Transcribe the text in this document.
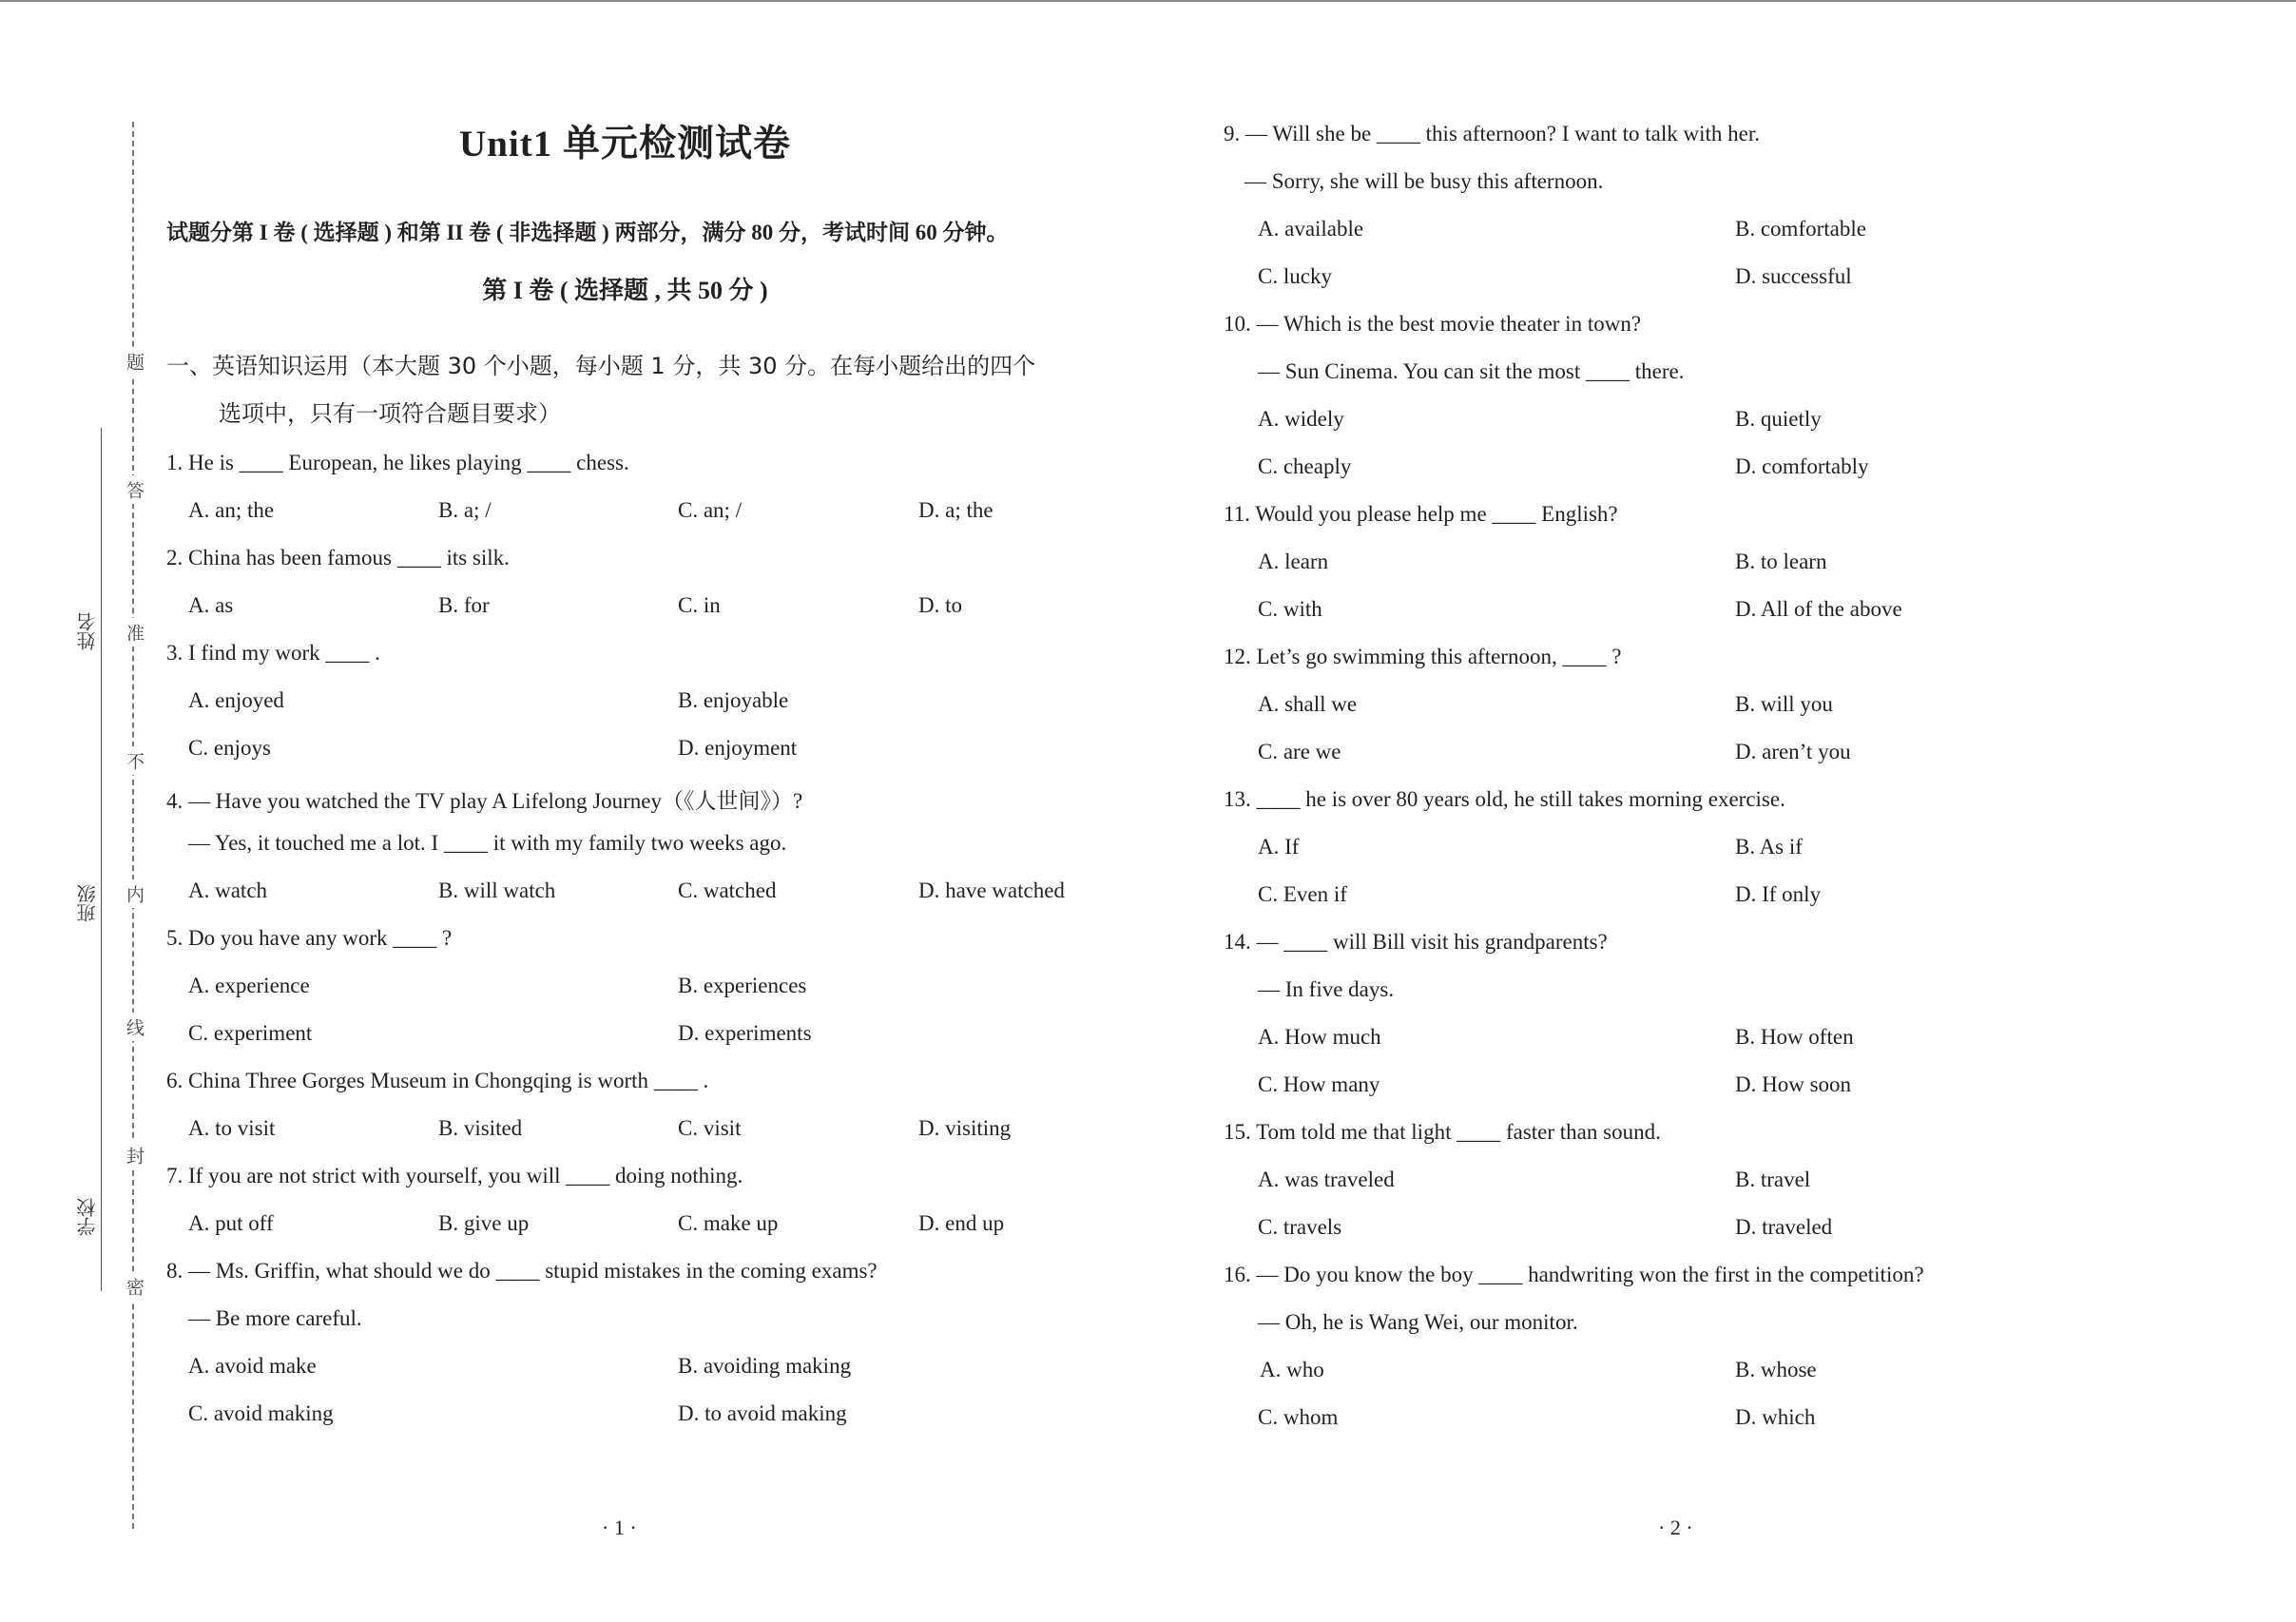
题
答
准
不
内
线
封
密
姓名
班级
学校
Unit1 单元检测试卷
试题分第 I 卷 ( 选择题 ) 和第 II 卷 ( 非选择题 ) 两部分，满分 80 分，考试时间 60 分钟。
第 I 卷 ( 选择题 , 共 50 分 )
一、英语知识运用（本大题 30 个小题，每小题 1 分，共 30 分。在每小题给出的四个
选项中，只有一项符合题目要求）
1. He is ____ European, he likes playing ____ chess.
A. an; the	B. a; /	C. an; /	D. a; the
2. China has been famous ____ its silk.
A. as	B. for	C. in	D. to
3. I find my work ____ .
A. enjoyed	B. enjoyable
C. enjoys	D. enjoyment
4. — Have you watched the TV play A Lifelong Journey（《人世间》）?
— Yes, it touched me a lot. I ____ it with my family two weeks ago.
A. watch	B. will watch	C. watched	D. have watched
5. Do you have any work ____ ?
A. experience	B. experiences
C. experiment	D. experiments
6. China Three Gorges Museum in Chongqing is worth ____ .
A. to visit	B. visited	C. visit	D. visiting
7. If you are not strict with yourself, you will ____ doing nothing.
A. put off	B. give up	C. make up	D. end up
8. — Ms. Griffin, what should we do ____ stupid mistakes in the coming exams?
— Be more careful.
A. avoid make	B. avoiding making
C. avoid making	D. to avoid making
· 1 ·
9. — Will she be ____ this afternoon? I want to talk with her.
— Sorry, she will be busy this afternoon.
A. available	B. comfortable
C. lucky	D. successful
10. — Which is the best movie theater in town?
— Sun Cinema. You can sit the most ____ there.
A. widely	B. quietly
C. cheaply	D. comfortably
11. Would you please help me ____ English?
A. learn	B. to learn
C. with	D. All of the above
12. Let’s go swimming this afternoon, ____ ?
A. shall we	B. will you
C. are we	D. aren’t you
13. ____ he is over 80 years old, he still takes morning exercise.
A. If	B. As if
C. Even if	D. If only
14. — ____ will Bill visit his grandparents?
— In five days.
A. How much	B. How often
C. How many	D. How soon
15. Tom told me that light ____ faster than sound.
A. was traveled	B. travel
C. travels	D. traveled
16. — Do you know the boy ____ handwriting won the first in the competition?
— Oh, he is Wang Wei, our monitor.
A. who	B. whose
C. whom	D. which
· 2 ·
